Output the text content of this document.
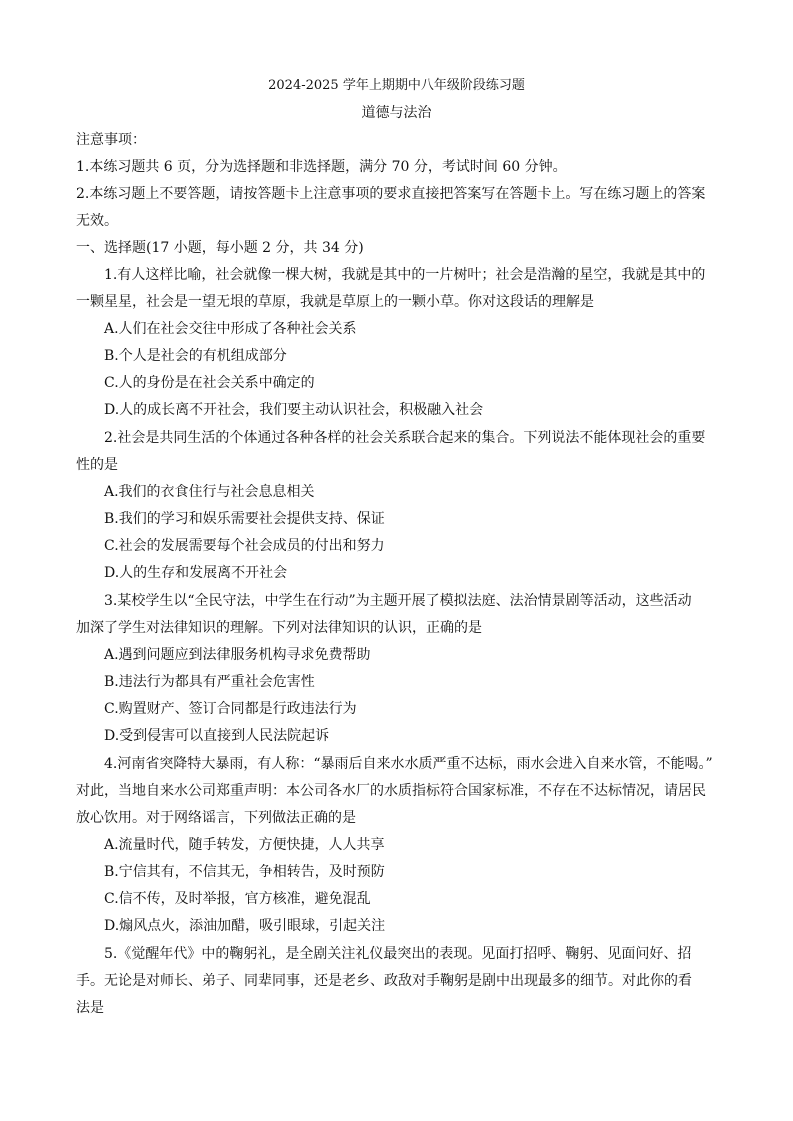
2024-2025 学年上期期中八年级阶段练习题
道德与法治
注意事项：
1.本练习题共 6 页，分为选择题和非选择题，满分 70 分，考试时间 60 分钟。
2.本练习题上不要答题，请按答题卡上注意事项的要求直接把答案写在答题卡上。写在练习题上的答案
无效。
一、选择题(17 小题，每小题 2 分，共 34 分)
1.有人这样比喻，社会就像一棵大树，我就是其中的一片树叶；社会是浩瀚的星空，我就是其中的
一颗星星，社会是一望无垠的草原，我就是草原上的一颗小草。你对这段话的理解是
A.人们在社会交往中形成了各种社会关系
B.个人是社会的有机组成部分
C.人的身份是在社会关系中确定的
D.人的成长离不开社会，我们要主动认识社会，积极融入社会
2.社会是共同生活的个体通过各种各样的社会关系联合起来的集合。下列说法不能体现社会的重要
性的是
A.我们的衣食住行与社会息息相关
B.我们的学习和娱乐需要社会提供支持、保证
C.社会的发展需要每个社会成员的付出和努力
D.人的生存和发展离不开社会
3.某校学生以“全民守法，中学生在行动”为主题开展了模拟法庭、法治情景剧等活动，这些活动
加深了学生对法律知识的理解。下列对法律知识的认识，正确的是
A.遇到问题应到法律服务机构寻求免费帮助
B.违法行为都具有严重社会危害性
C.购置财产、签订合同都是行政违法行为
D.受到侵害可以直接到人民法院起诉
4.河南省突降特大暴雨，有人称：“暴雨后自来水水质严重不达标，雨水会进入自来水管，不能喝。”
对此，当地自来水公司郑重声明：本公司各水厂的水质指标符合国家标准，不存在不达标情况，请居民
放心饮用。对于网络谣言，下列做法正确的是
A.流量时代，随手转发，方便快捷，人人共享
B.宁信其有，不信其无，争相转告，及时预防
C.信不传，及时举报，官方核准，避免混乱
D.煽风点火，添油加醋，吸引眼球，引起关注
5.《觉醒年代》中的鞠躬礼，是全剧关注礼仪最突出的表现。见面打招呼、鞠躬、见面问好、招
手。无论是对师长、弟子、同辈同事，还是老乡、政敌对手鞠躬是剧中出现最多的细节。对此你的看
法是
